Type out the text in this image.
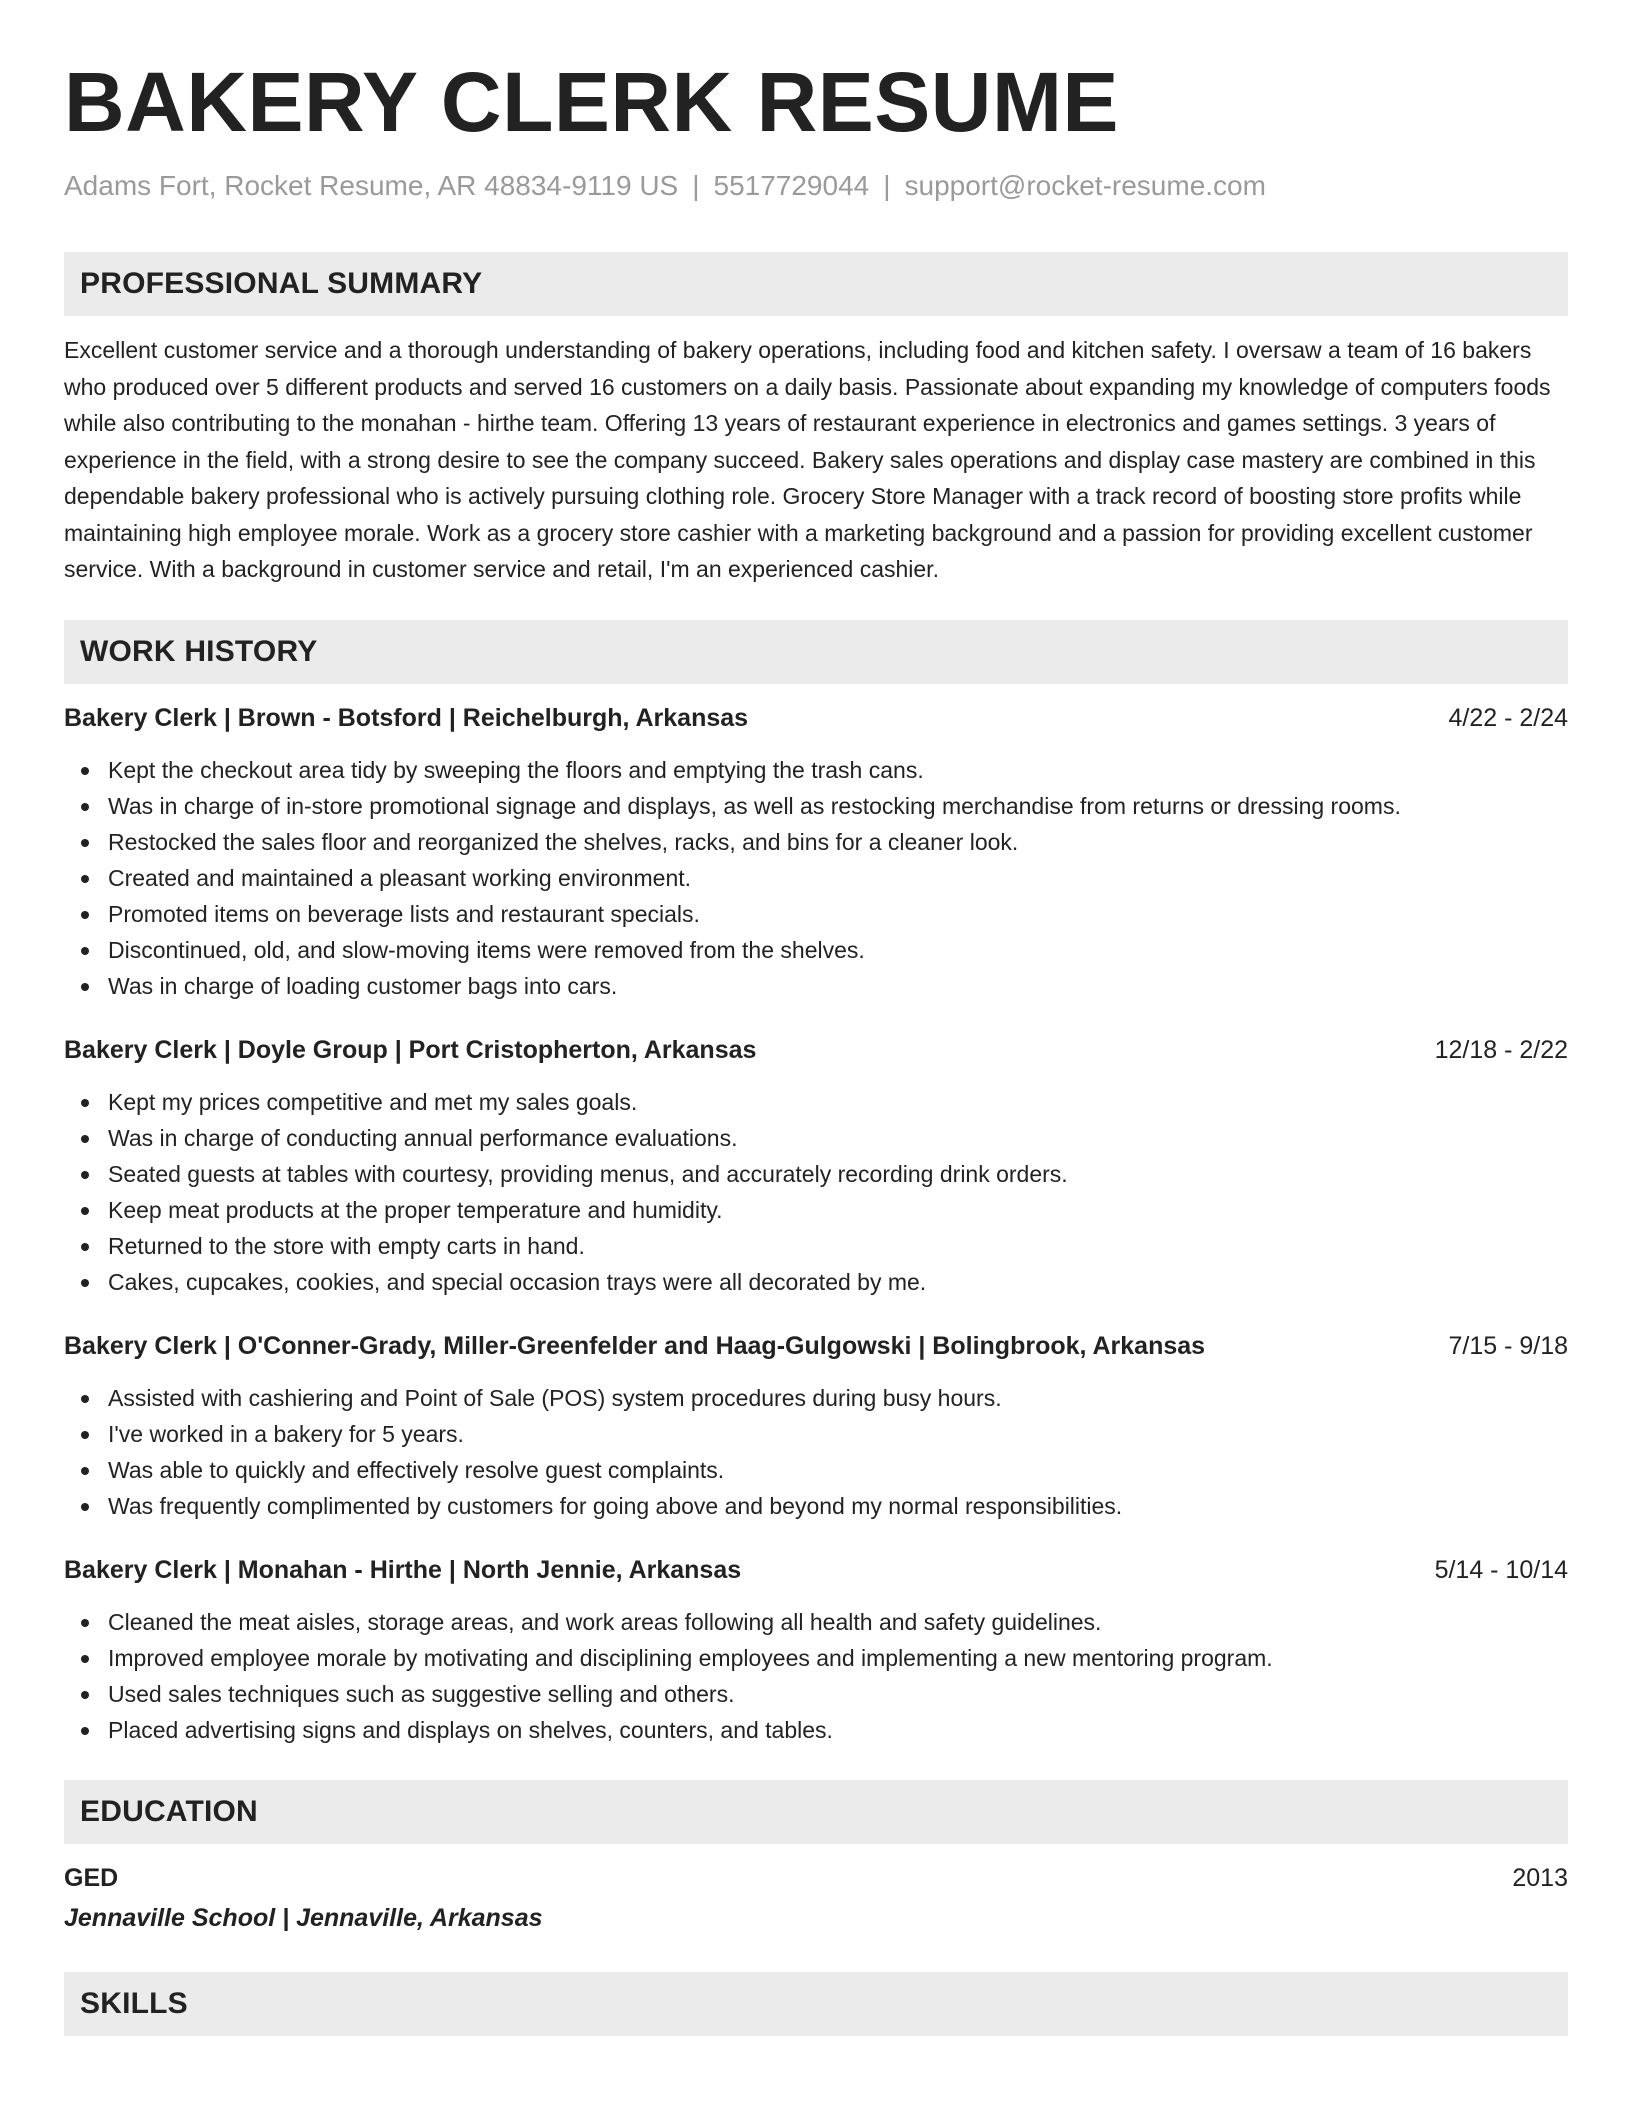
BAKERY CLERK RESUME
Adams Fort, Rocket Resume, AR 48834-9119 US | 5517729044 | support@rocket-resume.com
PROFESSIONAL SUMMARY
Excellent customer service and a thorough understanding of bakery operations, including food and kitchen safety. I oversaw a team of 16 bakers who produced over 5 different products and served 16 customers on a daily basis. Passionate about expanding my knowledge of computers foods while also contributing to the monahan - hirthe team. Offering 13 years of restaurant experience in electronics and games settings. 3 years of experience in the field, with a strong desire to see the company succeed. Bakery sales operations and display case mastery are combined in this dependable bakery professional who is actively pursuing clothing role. Grocery Store Manager with a track record of boosting store profits while maintaining high employee morale. Work as a grocery store cashier with a marketing background and a passion for providing excellent customer service. With a background in customer service and retail, I'm an experienced cashier.
WORK HISTORY
Bakery Clerk | Brown - Botsford | Reichelburgh, Arkansas	4/22 - 2/24
Kept the checkout area tidy by sweeping the floors and emptying the trash cans.
Was in charge of in-store promotional signage and displays, as well as restocking merchandise from returns or dressing rooms.
Restocked the sales floor and reorganized the shelves, racks, and bins for a cleaner look.
Created and maintained a pleasant working environment.
Promoted items on beverage lists and restaurant specials.
Discontinued, old, and slow-moving items were removed from the shelves.
Was in charge of loading customer bags into cars.
Bakery Clerk | Doyle Group | Port Cristopherton, Arkansas	12/18 - 2/22
Kept my prices competitive and met my sales goals.
Was in charge of conducting annual performance evaluations.
Seated guests at tables with courtesy, providing menus, and accurately recording drink orders.
Keep meat products at the proper temperature and humidity.
Returned to the store with empty carts in hand.
Cakes, cupcakes, cookies, and special occasion trays were all decorated by me.
Bakery Clerk | O'Conner-Grady, Miller-Greenfelder and Haag-Gulgowski | Bolingbrook, Arkansas	7/15 - 9/18
Assisted with cashiering and Point of Sale (POS) system procedures during busy hours.
I've worked in a bakery for 5 years.
Was able to quickly and effectively resolve guest complaints.
Was frequently complimented by customers for going above and beyond my normal responsibilities.
Bakery Clerk | Monahan - Hirthe | North Jennie, Arkansas	5/14 - 10/14
Cleaned the meat aisles, storage areas, and work areas following all health and safety guidelines.
Improved employee morale by motivating and disciplining employees and implementing a new mentoring program.
Used sales techniques such as suggestive selling and others.
Placed advertising signs and displays on shelves, counters, and tables.
EDUCATION
GED	2013
Jennaville School | Jennaville, Arkansas
SKILLS
